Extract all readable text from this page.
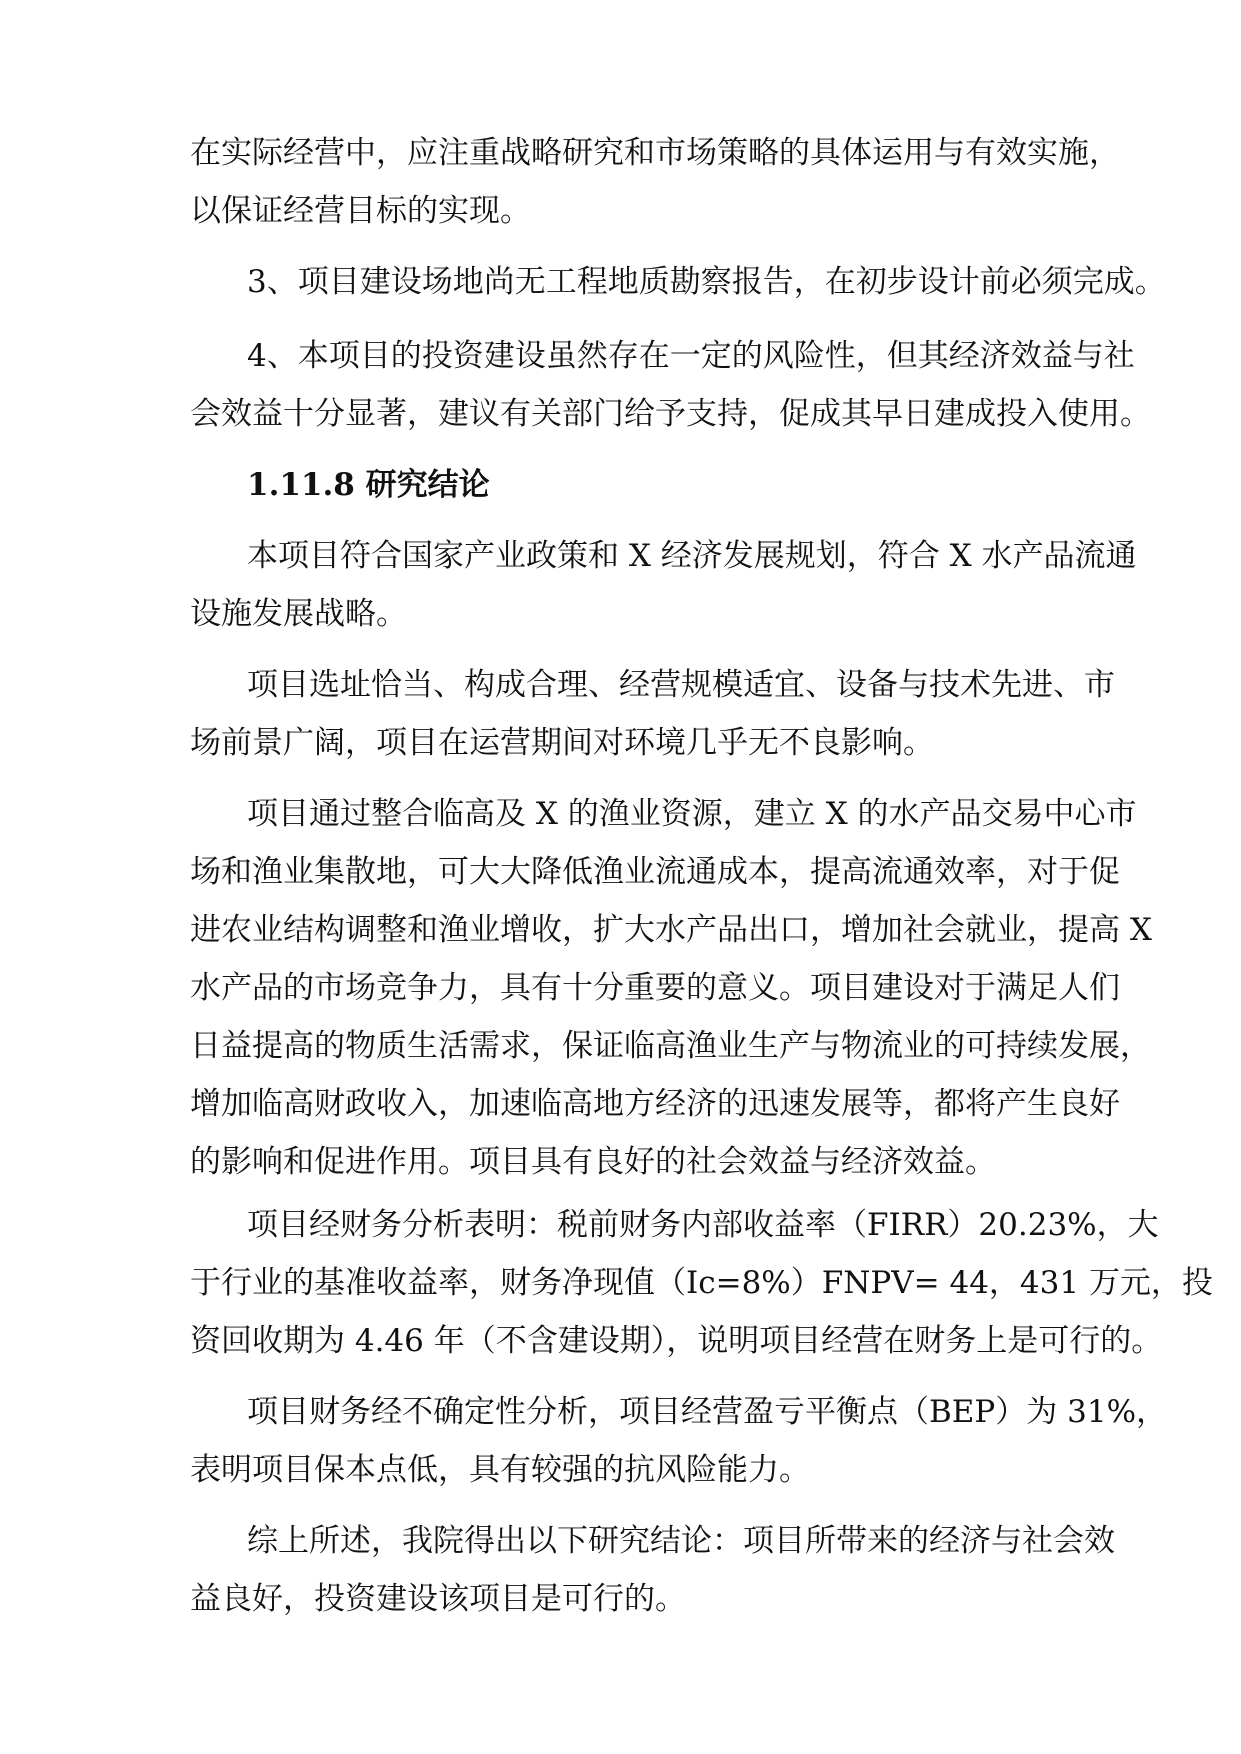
在实际经营中，应注重战略研究和市场策略的具体运用与有效实施，
以保证经营目标的实现。
3、项目建设场地尚无工程地质勘察报告，在初步设计前必须完成。
4、本项目的投资建设虽然存在一定的风险性，但其经济效益与社
会效益十分显著，建议有关部门给予支持，促成其早日建成投入使用。
1.11.8 研究结论
本项目符合国家产业政策和 X 经济发展规划，符合 X 水产品流通
设施发展战略。
项目选址恰当、构成合理、经营规模适宜、设备与技术先进、市
场前景广阔，项目在运营期间对环境几乎无不良影响。
项目通过整合临高及 X 的渔业资源，建立 X 的水产品交易中心市
场和渔业集散地，可大大降低渔业流通成本，提高流通效率，对于促
进农业结构调整和渔业增收，扩大水产品出口，增加社会就业，提高 X
水产品的市场竞争力，具有十分重要的意义。项目建设对于满足人们
日益提高的物质生活需求，保证临高渔业生产与物流业的可持续发展，
增加临高财政收入，加速临高地方经济的迅速发展等，都将产生良好
的影响和促进作用。项目具有良好的社会效益与经济效益。
项目经财务分析表明：税前财务内部收益率（FIRR）20.23%，大
于行业的基准收益率，财务净现值（Ic=8%）FNPV= 44，431 万元，投
资回收期为 4.46 年（不含建设期），说明项目经营在财务上是可行的。
项目财务经不确定性分析，项目经营盈亏平衡点（BEP）为 31%，
表明项目保本点低，具有较强的抗风险能力。
综上所述，我院得出以下研究结论：项目所带来的经济与社会效
益良好，投资建设该项目是可行的。
